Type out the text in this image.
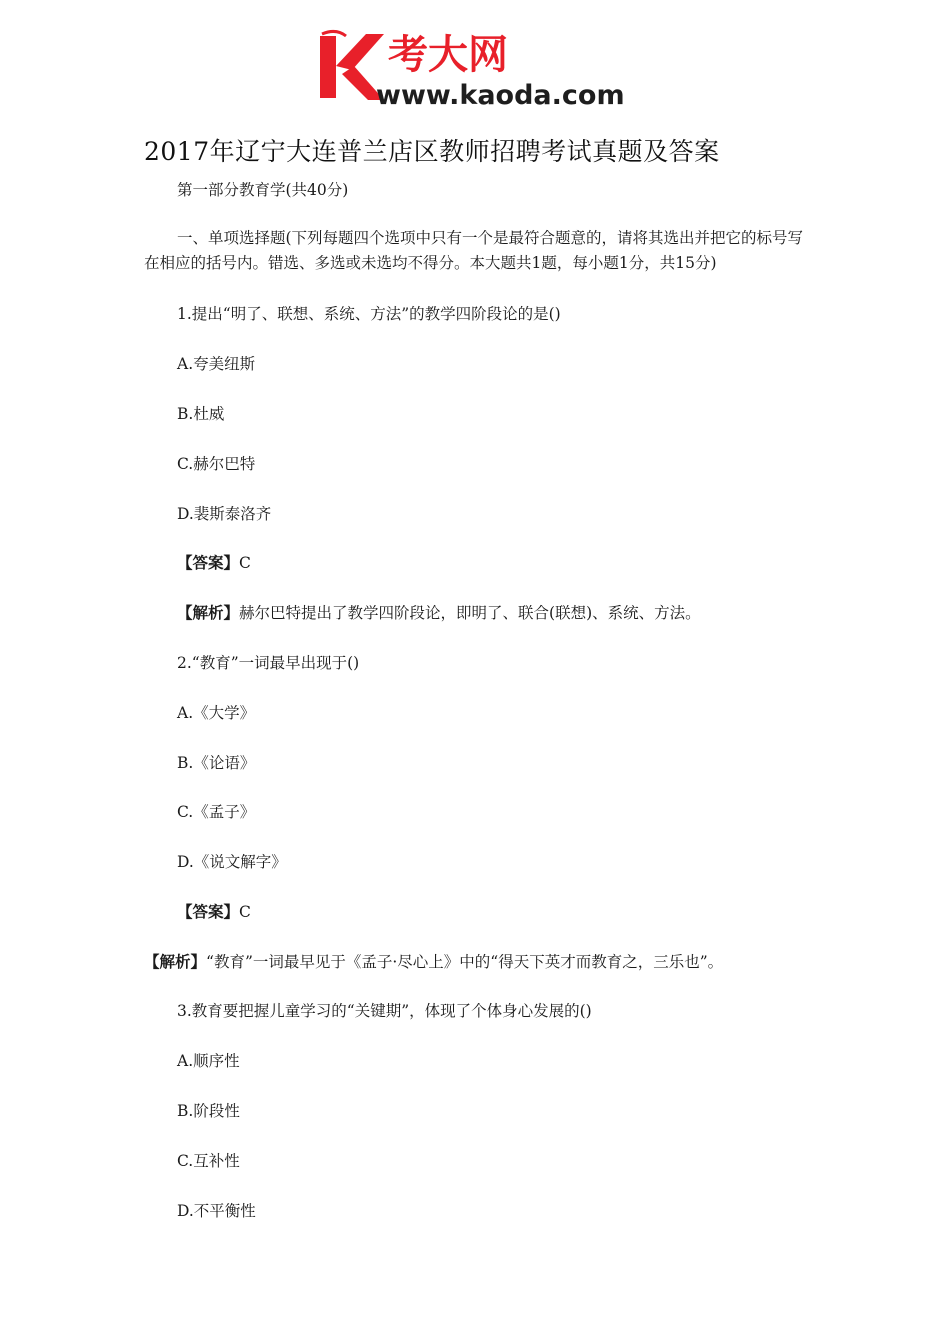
考大网
www.kaoda.com
2017年辽宁大连普兰店区教师招聘考试真题及答案
第一部分教育学(共40分)
一、单项选择题(下列每题四个选项中只有一个是最符合题意的，请将其选出并把它的标号写在相应的括号内。错选、多选或未选均不得分。本大题共1题，每小题1分，共15分)
1.提出“明了、联想、系统、方法”的教学四阶段论的是()
A.夸美纽斯
B.杜威
C.赫尔巴特
D.裴斯泰洛齐
【答案】C
【解析】赫尔巴特提出了教学四阶段论，即明了、联合(联想)、系统、方法。
2.“教育”一词最早出现于()
A.《大学》
B.《论语》
C.《孟子》
D.《说文解字》
【答案】C
【解析】“教育”一词最早见于《孟子·尽心上》中的“得天下英才而教育之，三乐也”。
3.教育要把握儿童学习的“关键期”，体现了个体身心发展的()
A.顺序性
B.阶段性
C.互补性
D.不平衡性
